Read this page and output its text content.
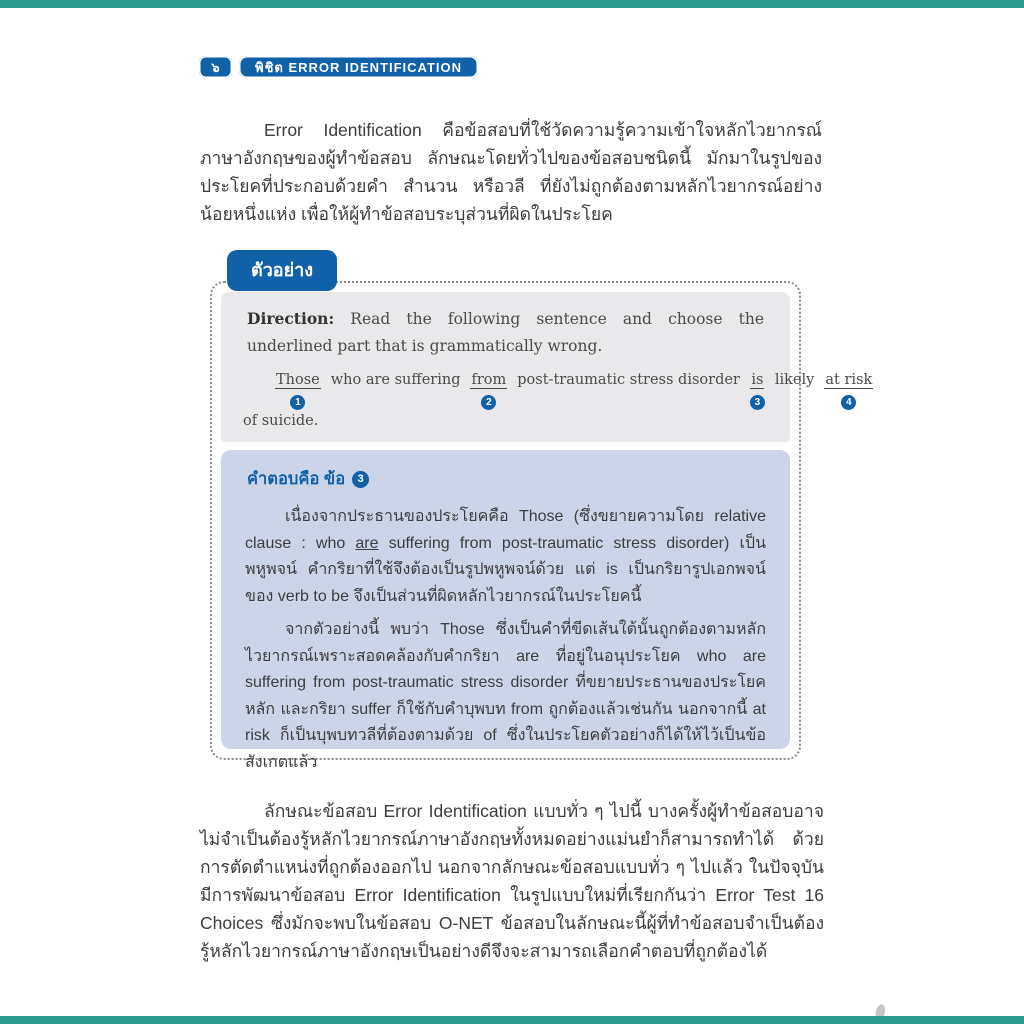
๖	พิชิต ERROR IDENTIFICATION
Error Identification คือข้อสอบที่ใช้วัดความรู้ความเข้าใจหลักไวยากรณ์ภาษาอังกฤษของผู้ทำข้อสอบ ลักษณะโดยทั่วไปของข้อสอบชนิดนี้ มักมาในรูปของประโยคที่ประกอบด้วยคำ สำนวน หรือวลี ที่ยังไม่ถูกต้องตามหลักไวยากรณ์อย่างน้อยหนึ่งแห่ง เพื่อให้ผู้ทำข้อสอบระบุส่วนที่ผิดในประโยค
ตัวอย่าง
Direction: Read the following sentence and choose the underlined part that is grammatically wrong.
Those
1
who are suffering from
2
post-traumatic stress disorder is
3
likely at risk
4
of suicide.
คำตอบคือ ข้อ	3

เนื่องจากประธานของประโยคคือ Those (ซึ่งขยายความโดย relative clause : who are suffering from post-traumatic stress disorder) เป็นพหูพจน์ คำกริยาที่ใช้จึงต้องเป็นรูปพหูพจน์ด้วย แต่ is เป็นกริยารูปเอกพจน์ของ verb to be จึงเป็นส่วนที่ผิดหลักไวยากรณ์ในประโยคนี้

จากตัวอย่างนี้ พบว่า Those ซึ่งเป็นคำที่ขีดเส้นใต้นั้นถูกต้องตามหลักไวยากรณ์เพราะสอดคล้องกับคำกริยา are ที่อยู่ในอนุประโยค who are suffering from post-traumatic stress disorder ที่ขยายประธานของประโยคหลัก และกริยา suffer ก็ใช้กับคำบุพบท from ถูกต้องแล้วเช่นกัน นอกจากนี้ at risk ก็เป็นบุพบทวลีที่ต้องตามด้วย of ซึ่งในประโยคตัวอย่างก็ได้ให้ไว้เป็นข้อสังเกตแล้ว

ลักษณะข้อสอบ Error Identification แบบทั่ว ๆ ไปนี้ บางครั้งผู้ทำข้อสอบอาจไม่จำเป็นต้องรู้หลักไวยากรณ์ภาษาอังกฤษทั้งหมดอย่างแม่นยำก็สามารถทำได้ ด้วยการตัดตำแหน่งที่ถูกต้องออกไป นอกจากลักษณะข้อสอบแบบทั่ว ๆ ไปแล้ว ในปัจจุบันมีการพัฒนาข้อสอบ Error Identification ในรูปแบบใหม่ที่เรียกกันว่า Error Test 16 Choices ซึ่งมักจะพบในข้อสอบ O-NET ข้อสอบในลักษณะนี้ผู้ที่ทำข้อสอบจำเป็นต้องรู้หลักไวยากรณ์ภาษาอังกฤษเป็นอย่างดีจึงจะสามารถเลือกคำตอบที่ถูกต้องได้
